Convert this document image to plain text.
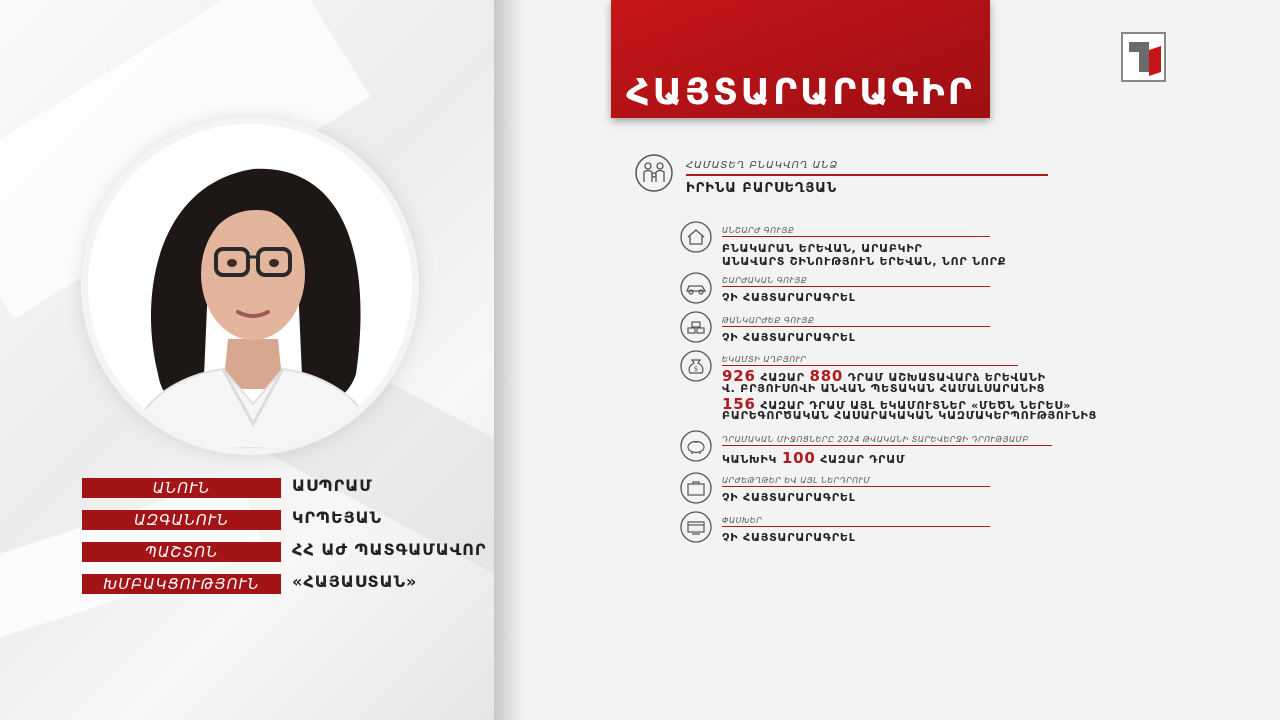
ԱՆՈՒՆ	ԱՍՊՐԱՄ
ԱԶԳԱՆՈՒՆ	ԿՐՊԵՅԱՆ
ՊԱՇՏՈՆ	ՀՀ ԱԺ ՊԱՏԳԱՄԱՎՈՐ
ԽՄԲԱԿՑՈՒԹՅՈՒՆ	«ՀԱՅԱՍՏԱՆ»
ՀԱՅՏԱՐԱՐԱԳԻՐ
ՀԱՄԱՏԵՂ ԲՆԱԿՎՈՂ ԱՆՁ
ԻՐԻՆԱ ԲԱՐՍԵՂՅԱՆ
ԱՆՇԱՐԺ ԳՈՒՅՔ
ԲՆԱԿԱՐԱՆ ԵՐԵՎԱՆ, ԱՐԱԲԿԻՐ
ԱՆԱՎԱՐՏ ՇԻՆՈՒԹՅՈՒՆ ԵՐԵՎԱՆ, ՆՈՐ ՆՈՐՔ
ՇԱՐԺԱԿԱՆ ԳՈՒՅՔ
ՉԻ ՀԱՅՏԱՐԱՐԱԳՐԵԼ
ԹԱՆԿԱՐԺԵՔ ԳՈՒՅՔ
ՉԻ ՀԱՅՏԱՐԱՐԱԳՐԵԼ
$
ԵԿԱՄՏԻ ԱՂԲՅՈՒՐ
926 ՀԱԶԱՐ 880 ԴՐԱՄ ԱՇԽԱՏԱՎԱՐձ ԵՐԵՎԱՆԻ
Վ. ԲՐՅՈՒՍՈՎԻ ԱՆՎԱՆ ՊԵՏԱԿԱՆ ՀԱՄԱԼՍԱՐԱՆԻՑ
156 ՀԱԶԱՐ ԴՐԱՄ ԱՅԼ ԵԿԱՄՈՒՏՆԵՐ «ՄԵԾՆ ՆԵՐԵՍ»
ԲԱՐԵԳՈՐԾԱԿԱՆ ՀԱՍԱՐԱԿԱԿԱՆ ԿԱԶՄԱԿԵՐՊՈՒԹՅՈՒՆԻՑ
ԴՐԱՄԱԿԱՆ ՄԻՋՈՑՆԵՐԸ 2024 ԹՎԱԿԱՆԻ ՏԱՐԵՎԵՐՋԻ ԴՐՈՒԹՅԱՄԲ
ԿԱՆԽԻԿ 100 ՀԱԶԱՐ ԴՐԱՄ
ԱՐԺԵԹՂԹԵՐ ԵՎ ԱՅԼ ՆԵՐԴՐՈՒՄ
ՉԻ ՀԱՅՏԱՐԱՐԱԳՐԵԼ
ՓԱՍԽԵՐ
ՉԻ ՀԱՅՏԱՐԱՐԱԳՐԵԼ
